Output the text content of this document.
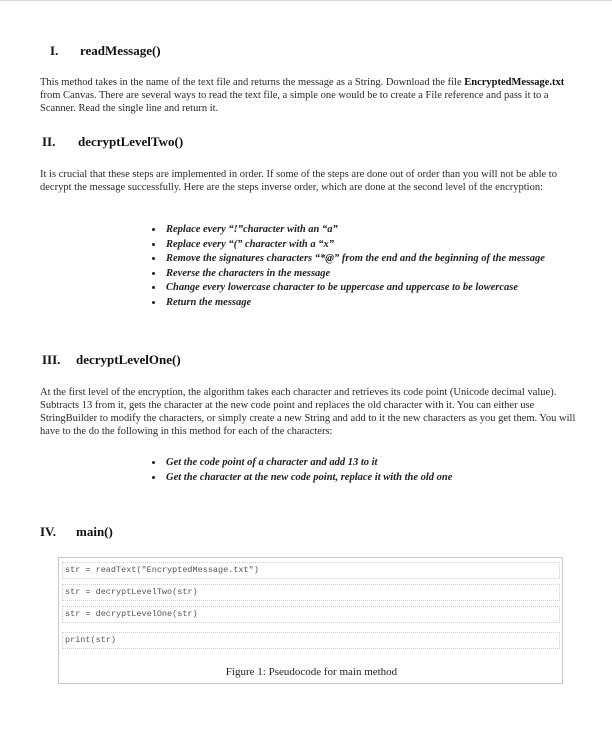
I. readMessage()
This method takes in the name of the text file and returns the message as a String. Download the file EncryptedMessage.txt from Canvas. There are several ways to read the text file, a simple one would be to create a File reference and pass it to a Scanner. Read the single line and return it.
II. decryptLevelTwo()
It is crucial that these steps are implemented in order. If some of the steps are done out of order than you will not be able to decrypt the message successfully. Here are the steps inverse order, which are done at the second level of the encryption:
• Replace every “!”character with an “a”
• Replace every “(” character with a “x”
• Remove the signatures characters “*@” from the end and the beginning of the message
• Reverse the characters in the message
• Change every lowercase character to be uppercase and uppercase to be lowercase
• Return the message
III. decryptLevelOne()
At the first level of the encryption, the algorithm takes each character and retrieves its code point (Unicode decimal value). Subtracts 13 from it, gets the character at the new code point and replaces the old character with it. You can either use StringBuilder to modify the characters, or simply create a new String and add to it the new characters as you get them. You will have to the do the following in this method for each of the characters:
• Get the code point of a character and add 13 to it
• Get the character at the new code point, replace it with the old one
IV. main()
str = readText("EncryptedMessage.txt")
str = decryptLevelTwo(str)
str = decryptLevelOne(str)
print(str)
Figure 1: Pseudocode for main method
